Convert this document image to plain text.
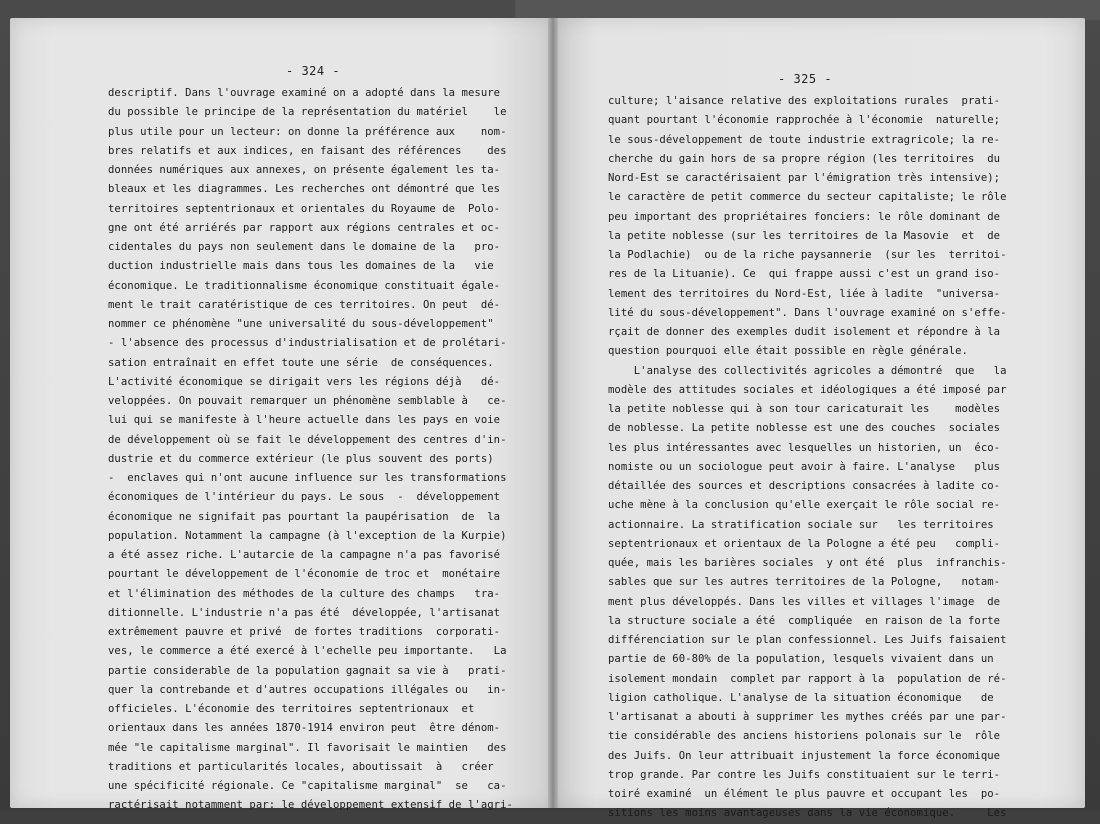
- 324 -
descriptif. Dans l'ouvrage examiné on a adopté dans la mesure
du possible le principe de la représentation du matériel    le
plus utile pour un lecteur: on donne la préférence aux    nom-
bres relatifs et aux indices, en faisant des références    des
données numériques aux annexes, on présente également les ta-
bleaux et les diagrammes. Les recherches ont démontré que les
territoires septentrionaux et orientales du Royaume de  Polo-
gne ont été arriérés par rapport aux régions centrales et oc-
cidentales du pays non seulement dans le domaine de la   pro-
duction industrielle mais dans tous les domaines de la   vie
économique. Le traditionnalisme économique constituait égale-
ment le trait caratéristique de ces territoires. On peut  dé-
nommer ce phénomène "une universalité du sous-développement"
- l'absence des processus d'industrialisation et de prolétari-
sation entraînait en effet toute une série  de conséquences.
L'activité économique se dirigait vers les régions déjà   dé-
veloppées. On pouvait remarquer un phénomène semblable à   ce-
lui qui se manifeste à l'heure actuelle dans les pays en voie
de développement où se fait le développement des centres d'in-
dustrie et du commerce extérieur (le plus souvent des ports)
-  enclaves qui n'ont aucune influence sur les transformations
économiques de l'intérieur du pays. Le sous  -  développement
économique ne signifait pas pourtant la paupérisation  de  la
population. Notamment la campagne (à l'exception de la Kurpie)
a été assez riche. L'autarcie de la campagne n'a pas favorisé
pourtant le développement de l'économie de troc et  monétaire
et l'élimination des méthodes de la culture des champs   tra-
ditionnelle. L'industrie n'a pas été  développée, l'artisanat
extrêmement pauvre et privé  de fortes traditions  corporati-
ves, le commerce a été exercé à l'echelle peu importante.   La
partie considerable de la population gagnait sa vie à   prati-
quer la contrebande et d'autres occupations illégales ou   in-
officieles. L'économie des territoires septentrionaux  et
orientaux dans les années 1870-1914 environ peut  être dénom-
mée "le capitalisme marginal". Il favorisait le maintien   des
traditions et particularités locales, aboutissait  à   créer
une spécificité régionale. Ce "capitalisme marginal"  se   ca-
ractérisait notamment par: le développement extensif de l'agri-
- 325 -
culture; l'aisance relative des exploitations rurales  prati-
quant pourtant l'économie rapprochée à l'économie  naturelle;
le sous-développement de toute industrie extragricole; la re-
cherche du gain hors de sa propre région (les territoires  du
Nord-Est se caractérisaient par l'émigration très intensive);
le caractère de petit commerce du secteur capitaliste; le rôle
peu important des propriétaires fonciers: le rôle dominant de
la petite noblesse (sur les territoires de la Masovie  et  de
la Podlachie)  ou de la riche paysannerie  (sur les  territoi-
res de la Lituanie). Ce  qui frappe aussi c'est un grand iso-
lement des territoires du Nord-Est, liée à ladite  "universa-
lité du sous-développement". Dans l'ouvrage examiné on s'effe-
rçait de donner des exemples dudit isolement et répondre à la
question pourquoi elle était possible en règle générale.
L'analyse des collectivités agricoles a démontré  que   la
modèle des attitudes sociales et idéologiques a été imposé par
la petite noblesse qui à son tour caricaturait les    modèles
de noblesse. La petite noblesse est une des couches  sociales
les plus intéressantes avec lesquelles un historien, un  éco-
nomiste ou un sociologue peut avoir à faire. L'analyse   plus
détaillée des sources et descriptions consacrées à ladite co-
uche mène à la conclusion qu'elle exerçait le rôle social re-
actionnaire. La stratification sociale sur   les territoires
septentrionaux et orientaux de la Pologne a été peu   compli-
quée, mais les barières sociales  y ont été  plus  infranchis-
sables que sur les autres territoires de la Pologne,   notam-
ment plus développés. Dans les villes et villages l'image  de
la structure sociale a été  compliquée  en raison de la forte
différenciation sur le plan confessionnel. Les Juifs faisaient
partie de 60-80% de la population, lesquels vivaient dans un
isolement mondain  complet par rapport à la  population de ré-
ligion catholique. L'analyse de la situation économique   de
l'artisanat a abouti à supprimer les mythes créés par une par-
tie considérable des anciens historiens polonais sur le  rôle
des Juifs. On leur attribuait injustement la force économique
trop grande. Par contre les Juifs constituaient sur le terri-
toiré examiné  un élément le plus pauvre et occupant les  po-
sitions les moins avantageuses dans la vie économique.     Les
